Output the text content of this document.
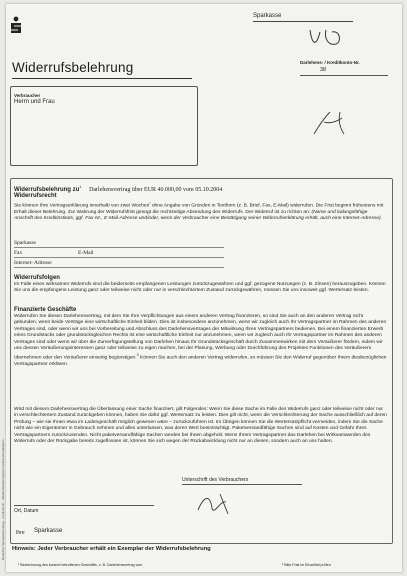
Sparkasse
Widerrufsbelehrung	Darlehens- / Kreditkonto-Nr.
38
Verbraucher
Herrn und Frau
Widerrufsbelehrung $zu^1$ Darlehensvertrag über EUR 40.000,00 vom 05.10.2004
Widerrufsrecht

Sie können Ihre Vertragserklärung innerhalb von zwei Wochen$^{^2}$ ohne Angabe von Gründen in Textform (z. B. Brief, Fax, E-Mail) widerrufen. Die Frist beginnt frühestens mit Erhalt dieser Belehrung. Zur Wahrung der Widerrufsfrist genügt die rechtzeitige Absendung des Widerrufs. Der Widerruf ist zu richten an: (Name und ladungsfähige Anschrift des Kreditinstituts, ggf. Fax-Nr., E-Mail-Adresse und/oder, wenn der Verbraucher eine Bestätigung seiner Widerrufserklärung erhält, auch eine Internet-Adresse).

Sparkasse
Fax	E-Mail
Internet- Adresse
Widerrufsfolgen

Im Falle eines wirksamen Widerrufs sind die beiderseits empfangenen Leistungen zurückzugewähren und ggf. gezogene Nutzungen (z. B. Zinsen) herauszugeben. Können Sie uns die empfangene Leistung ganz oder teilweise nicht oder nur in verschlechtertem Zustand zurückgewähren, müssen Sie uns insoweit ggf. Wertersatz leisten.

Finanzierte Geschäfte

Widerrufen Sie diesen Darlehensvertrag, mit dem Sie Ihre Verpflichtungen aus einem anderen Vertrag finanzieren, so sind Sie auch an den anderen Vertrag nicht gebunden, wenn beide Verträge eine wirtschaftliche Einheit bilden. Dies ist insbesondere anzunehmen, wenn wir zugleich auch Ihr Vertragspartner im Rahmen des anderen Vertrages sind, oder wenn wir uns bei Vorbereitung und Abschluss des Darlehensvertrages der Mitwirkung Ihres Vertragspartners bedienen. Bei einem finanzierten Erwerb eines Grundstücks oder grundstücksgleichen Rechts ist eine wirtschaftliche Einheit nur anzunehmen, wenn wir zugleich auch Ihr Vertragspartner im Rahmen des anderen Vertrages sind oder wenn wir über die Zurverfügungstellung von Darlehen hinaus Ihr Grundstücksgeschäft durch Zusammenwirken mit dem Veräußerer fördern, indem wir uns dessen Veräußerungsinteressen ganz oder teilweise zu eigen machen, bei der Planung, Werbung oder Durchführung des Projektes Funktionen des Veräußerers übernehmen oder den Veräußerer einseitig begünstigen.$^3$ Können Sie auch den anderen Vertrag widerrufen, so müssen Sie den Widerruf gegenüber Ihrem diesbezüglichen Vertragspartner erklären.

Wird mit diesem Darlehensvertrag die Überlassung einer Sache finanziert, gilt Folgendes: Wenn Sie diese Sache im Falle des Widerrufs ganz oder teilweise nicht oder nur in verschlechtertem Zustand zurückgeben können, haben Sie dafür ggf. Wertersatz zu leisten. Dies gilt nicht, wenn die Verschlechterung der Sache ausschließlich auf deren Prüfung – wie sie Ihnen etwa im Ladengeschäft möglich gewesen wäre – zurückzuführen ist. Im Übrigen können Sie die Wertersatzpflicht vermeiden, indem Sie die Sache nicht wie ein Eigentümer in Gebrauch nehmen und alles unterlassen, was deren Wert beeinträchtigt. Paketversandfähige Sachen sind auf Kosten und Gefahr Ihres Vertragspartners zurückzusenden. Nicht paketversandfähige Sachen werden bei Ihnen abgeholt. Wenn Ihrem Vertragspartner das Darlehen bei Wirksamwerden des Widerrufs oder der Rückgabe bereits zugeflossen ist, können Sie sich wegen der Rückabwicklung nicht nur an diesen, sondern auch an uns halten.

Unterschrift des Verbrauchers
Ort, Datum
Ihre Sparkasse
Hinweis: Jeder Verbraucher erhält ein Exemplar der Widerrufsbelehrung
¹ Bezeichnung des konkret betroffenen Geschäfts, z. B. Darlehensvertrag vom	³ Bitte Frist im Einzelfall prüfen
Deutscher Sparkassenverlag · Vordruck-Nr. · Widerrufsbelehrung bei Verbraucherdarlehen
